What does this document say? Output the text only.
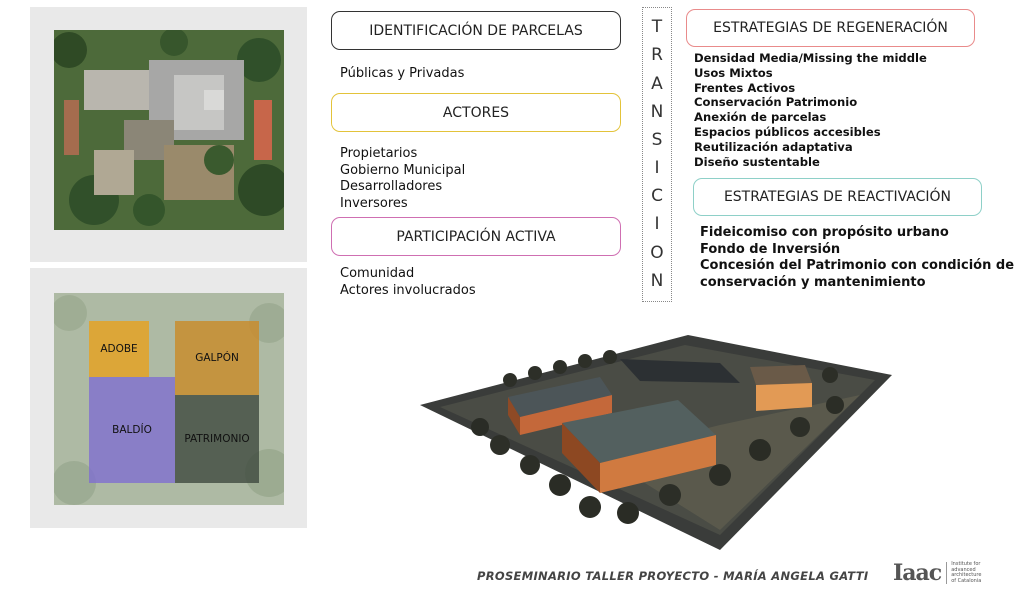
ADOBE
GALPÓN
BALDÍO
PATRIMONIO
IDENTIFICACIÓN DE PARCELAS
Públicas y Privadas
ACTORES
Propietarios
Gobierno Municipal
Desarrolladores
Inversores
PARTICIPACIÓN ACTIVA
Comunidad
Actores involucrados
T
R
A
N
S
I
C
I
O
N
ESTRATEGIAS DE REGENERACIÓN
Densidad Media/Missing the middle
Usos Mixtos
Frentes Activos
Conservación Patrimonio
Anexión de parcelas
Espacios públicos accesibles
Reutilización adaptativa
Diseño sustentable
ESTRATEGIAS DE REACTIVACIÓN
Fideicomiso con propósito urbano
Fondo de Inversión
Concesión del Patrimonio con condición de
conservación y mantenimiento
PROSEMINARIO TALLER PROYECTO - MARÍA ANGELA GATTI Iaac Institute for
advanced
architecture
of Catalonia
